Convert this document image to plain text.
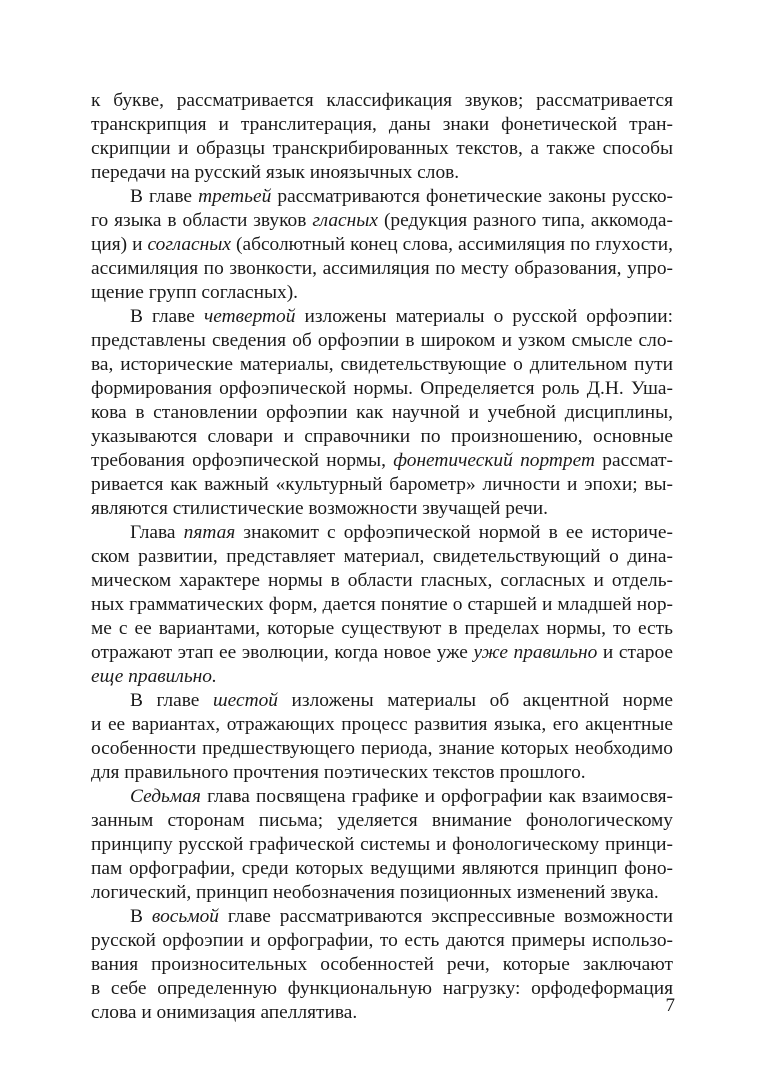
к букве, рассматривается классификация звуков; рассматривается
транскрипция и транслитерация, даны знаки фонетической тран-
скрипции и образцы транскрибированных текстов, а также способы
передачи на русский язык иноязычных слов.

В главе третьей рассматриваются фонетические законы русско-
го языка в области звуков гласных (редукция разного типа, аккомода-
ция) и согласных (абсолютный конец слова, ассимиляция по глухости,
ассимиляция по звонкости, ассимиляция по месту образования, упро-
щение групп согласных).

В главе четвертой изложены материалы о русской орфоэпии:
представлены сведения об орфоэпии в широком и узком смысле сло-
ва, исторические материалы, свидетельствующие о длительном пути
формирования орфоэпической нормы. Определяется роль Д.Н. Уша-
кова в становлении орфоэпии как научной и учебной дисциплины,
указываются словари и справочники по произношению, основные
требования орфоэпической нормы, фонетический портрет рассмат-
ривается как важный «культурный барометр» личности и эпохи; вы-
являются стилистические возможности звучащей речи.

Глава пятая знакомит с орфоэпической нормой в ее историче-
ском развитии, представляет материал, свидетельствующий о дина-
мическом характере нормы в области гласных, согласных и отдель-
ных грамматических форм, дается понятие о старшей и младшей нор-
ме с ее вариантами, которые существуют в пределах нормы, то есть
отражают этап ее эволюции, когда новое уже уже правильно и старое
еще правильно.

В главе шестой изложены материалы об акцентной норме
и ее вариантах, отражающих процесс развития языка, его акцентные
особенности предшествующего периода, знание которых необходимо
для правильного прочтения поэтических текстов прошлого.

Седьмая глава посвящена графике и орфографии как взаимосвя-
занным сторонам письма; уделяется внимание фонологическому
принципу русской графической системы и фонологическому принци-
пам орфографии, среди которых ведущими являются принцип фоно-
логический, принцип необозначения позиционных изменений звука.

В восьмой главе рассматриваются экспрессивные возможности
русской орфоэпии и орфографии, то есть даются примеры использо-
вания произносительных особенностей речи, которые заключают
в себе определенную функциональную нагрузку: орфодеформация
слова и онимизация апеллятива.	7
